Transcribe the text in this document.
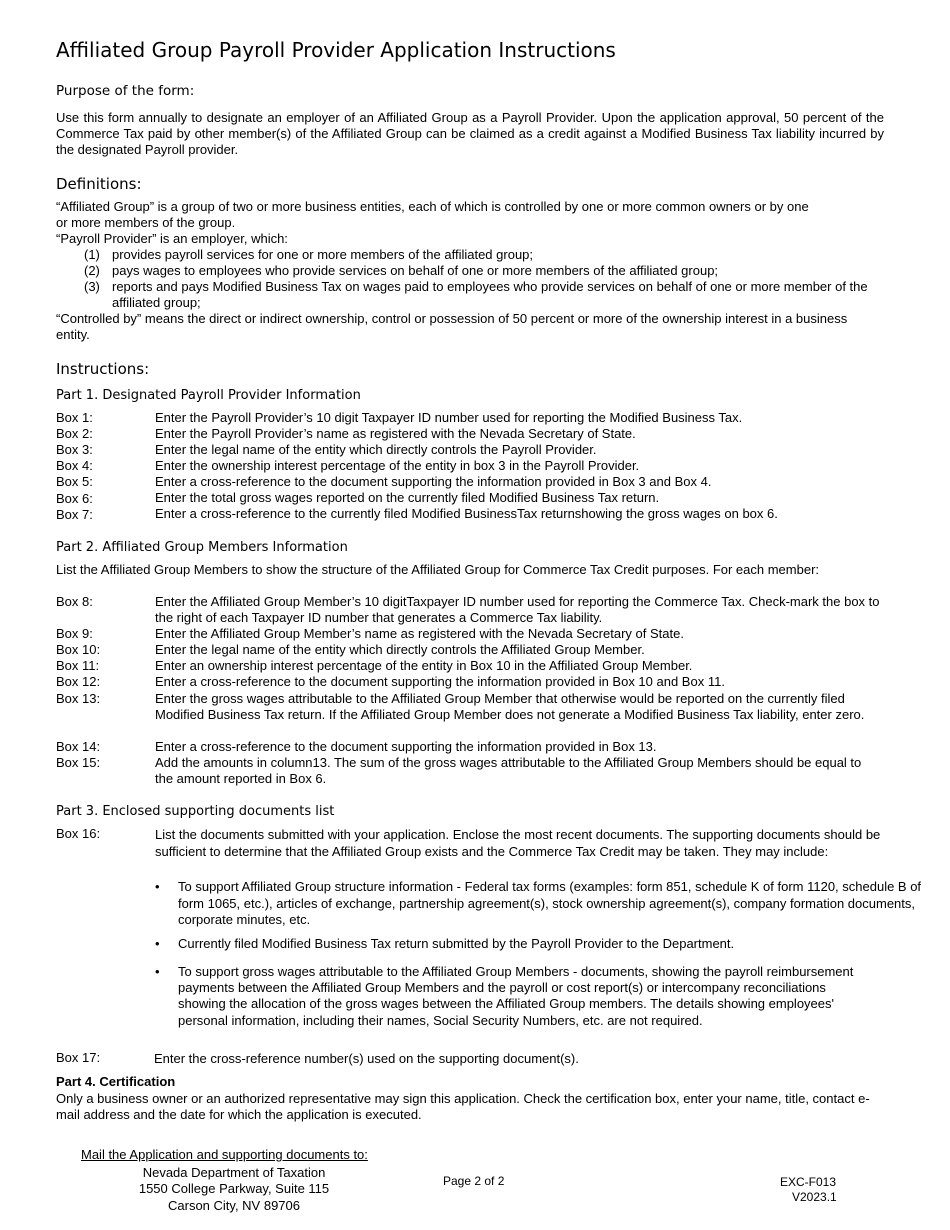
Affiliated Group Payroll Provider Application Instructions
Purpose of the form:
Use this form annually to designate an employer of an Affiliated Group as a Payroll Provider. Upon the application approval, 50 percent of the Commerce Tax paid by other member(s) of the Affiliated Group can be claimed as a credit against a Modified Business Tax liability incurred by the designated Payroll provider.
Definitions:
“Affiliated Group” is a group of two or more business entities, each of which is controlled by one or more common owners or by one
or more members of the group.
“Payroll Provider” is an employer, which:
(1) provides payroll services for one or more members of the affiliated group;
(2) pays wages to employees who provide services on behalf of one or more members of the affiliated group;
(3) reports and pays Modified Business Tax on wages paid to employees who provide services on behalf of one or more member of the affiliated group;
“Controlled by” means the direct or indirect ownership, control or possession of 50 percent or more of the ownership interest in a business entity.
Instructions:
Part 1. Designated Payroll Provider Information
Box 1:	Enter the Payroll Provider’s 10 digit Taxpayer ID number used for reporting the Modified Business Tax.
Box 2:	Enter the Payroll Provider’s name as registered with the Nevada Secretary of State.
Box 3:	Enter the legal name of the entity which directly controls the Payroll Provider.
Box 4:	Enter the ownership interest percentage of the entity in box 3 in the Payroll Provider.
Box 5:	Enter a cross-reference to the document supporting the information provided in Box 3 and Box 4.
Box 6:	Enter the total gross wages reported on the currently filed Modified Business Tax return.
Box 7:	Enter a cross-reference to the currently filed Modified BusinessTax returnshowing the gross wages on box 6.
Part 2. Affiliated Group Members Information
List the Affiliated Group Members to show the structure of the Affiliated Group for Commerce Tax Credit purposes. For each member:
Box 8:	Enter the Affiliated Group Member’s 10 digitTaxpayer ID number used for reporting the Commerce Tax. Check-mark the box to the right of each Taxpayer ID number that generates a Commerce Tax liability.
Box 9:	Enter the Affiliated Group Member’s name as registered with the Nevada Secretary of State.
Box 10:	Enter the legal name of the entity which directly controls the Affiliated Group Member.
Box 11:	Enter an ownership interest percentage of the entity in Box 10 in the Affiliated Group Member.
Box 12:	Enter a cross-reference to the document supporting the information provided in Box 10 and Box 11.
Box 13:	Enter the gross wages attributable to the Affiliated Group Member that otherwise would be reported on the currently filed Modified Business Tax return. If the Affiliated Group Member does not generate a Modified Business Tax liability, enter zero.
Box 14:	Enter a cross-reference to the document supporting the information provided in Box 13.
Box 15:	Add the amounts in column13. The sum of the gross wages attributable to the Affiliated Group Members should be equal to the amount reported in Box 6.
Part 3. Enclosed supporting documents list
Box 16:	List the documents submitted with your application. Enclose the most recent documents. The supporting documents should be sufficient to determine that the Affiliated Group exists and the Commerce Tax Credit may be taken. They may include:
• To support Affiliated Group structure information - Federal tax forms (examples: form 851, schedule K of form 1120, schedule B of form 1065, etc.), articles of exchange, partnership agreement(s), stock ownership agreement(s), company formation documents, corporate minutes, etc.
• Currently filed Modified Business Tax return submitted by the Payroll Provider to the Department.
• To support gross wages attributable to the Affiliated Group Members - documents, showing the payroll reimbursement payments between the Affiliated Group Members and the payroll or cost report(s) or intercompany reconciliations showing the allocation of the gross wages between the Affiliated Group members. The details showing employees' personal information, including their names, Social Security Numbers, etc. are not required.
Box 17:	Enter the cross-reference number(s) used on the supporting document(s).
Part 4. Certification
Only a business owner or an authorized representative may sign this application. Check the certification box, enter your name, title, contact e-mail address and the date for which the application is executed.
Mail the Application and supporting documents to:
Nevada Department of Taxation
1550 College Parkway, Suite 115
Carson City, NV 89706
Page 2 of 2	EXC-F013
V2023.1
